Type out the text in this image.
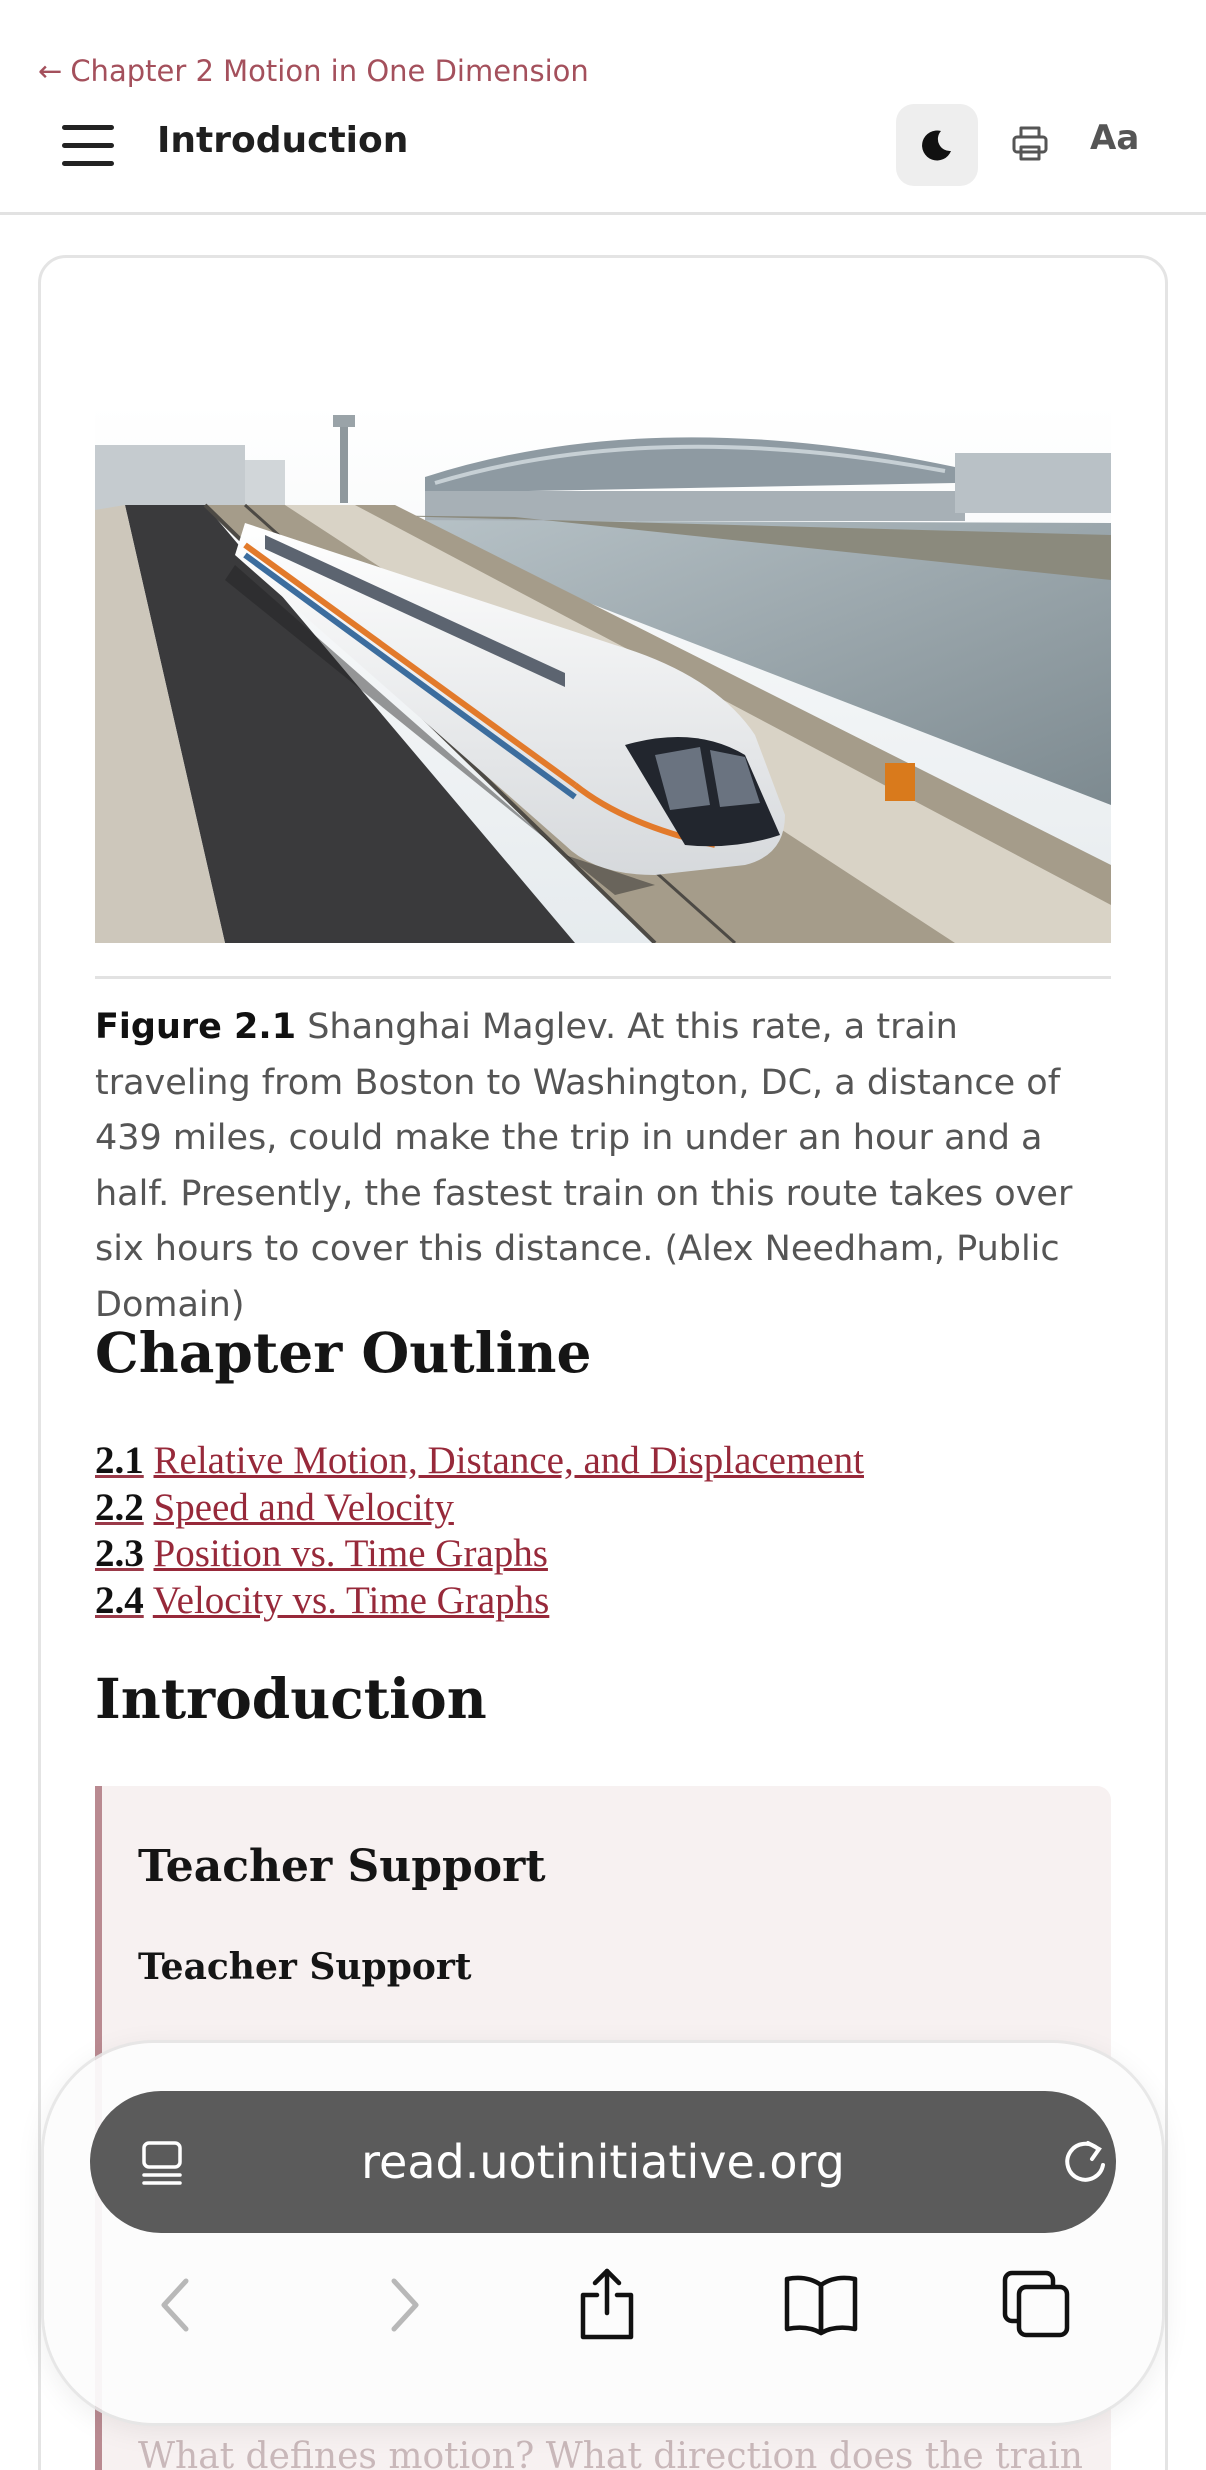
← Chapter 2 Motion in One Dimension
Introduction	Aa
Figure 2.1 Shanghai Maglev. At this rate, a train traveling from Boston to Washington, DC, a distance of 439 miles, could make the trip in under an hour and a half. Presently, the fastest train on this route takes over six hours to cover this distance. (Alex Needham, Public Domain)
Chapter Outline
2.1 Relative Motion, Distance, and Displacement
2.2 Speed and Velocity
2.3 Position vs. Time Graphs
2.4 Velocity vs. Time Graphs
Introduction
Teacher Support
Teacher Support
What defines motion? What direction does the train
read.uotinitiative.org
